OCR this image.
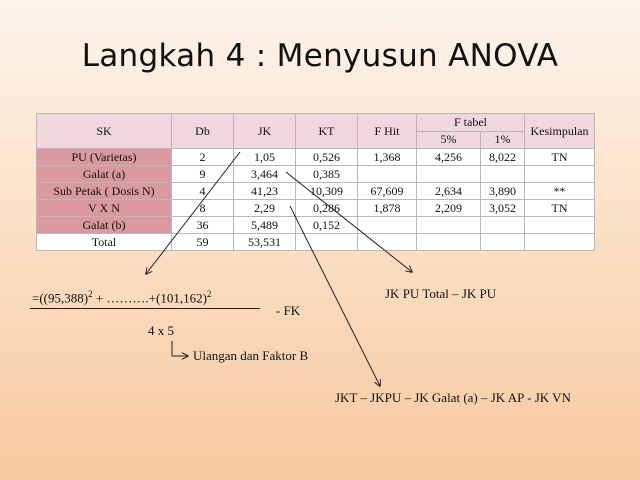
Langkah 4 : Menyusun ANOVA
SK	Db	JK	KT	F Hit	F tabel		Kesimpulan
					5%	1%	
PU (Varietas)	2	1,05	0,526	1,368	4,256	8,022	TN
Galat (a)	9	3,464	0,385				
Sub Petak ( Dosis N)	4	41,23	10,309	67,609	2,634	3,890	**
V X N	8	2,29	0,286	1,878	2,209	3,052	TN
Galat (b)	36	5,489	0,152				
Total	59	53,531					
$=((95,388)^2$ + $\dots\dots\dots.+(101,162)^2$
- FK
4 x 5
Ulangan dan Faktor B
JK PU Total – JK PU
JKT – JKPU – JK Galat (a) – JK AP - JK VN
